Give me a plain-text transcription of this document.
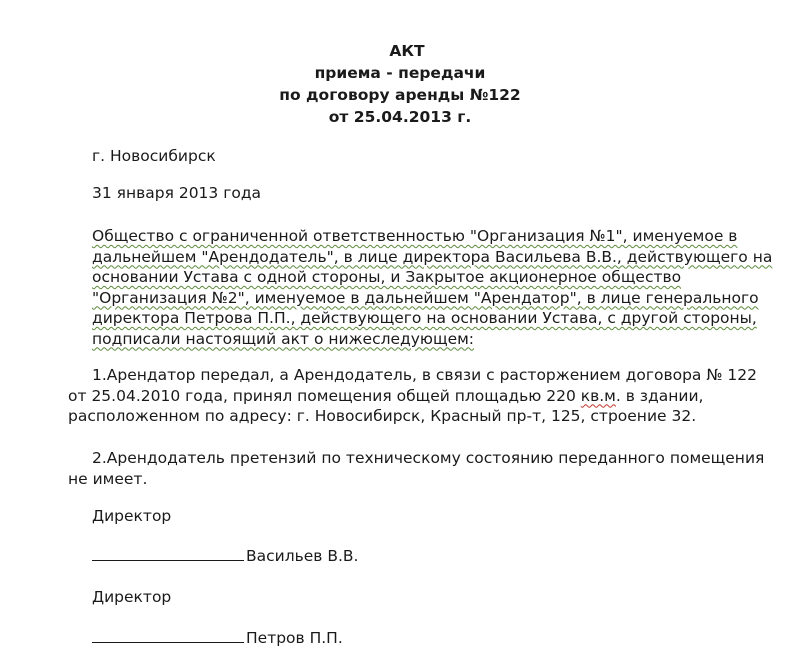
АКТ
приема - передачи
по договору аренды №122
от 25.04.2013 г.
г. Новосибирск
31 января 2013 года
Общество с ограниченной ответственностью "Организация №1", именуемое в
дальнейшем "Арендодатель", в лице директора Васильева В.В., действующего на
основании Устава с одной стороны, и Закрытое акционерное общество
"Организация №2", именуемое в дальнейшем "Арендатор", в лице генерального
директора Петрова П.П., действующего на основании Устава, с другой стороны,
подписали настоящий акт о нижеследующем:
1.Арендатор передал, а Арендодатель, в связи с расторжением договора № 122
от 25.04.2010 года, принял помещения общей площадью 220 кв.м. в здании,
расположенном по адресу: г. Новосибирск, Красный пр-т, 125, строение 32.
2.Арендодатель претензий по техническому состоянию переданного помещения
не имеет.
Директор
Васильев В.В.
Директор
Петров П.П.
